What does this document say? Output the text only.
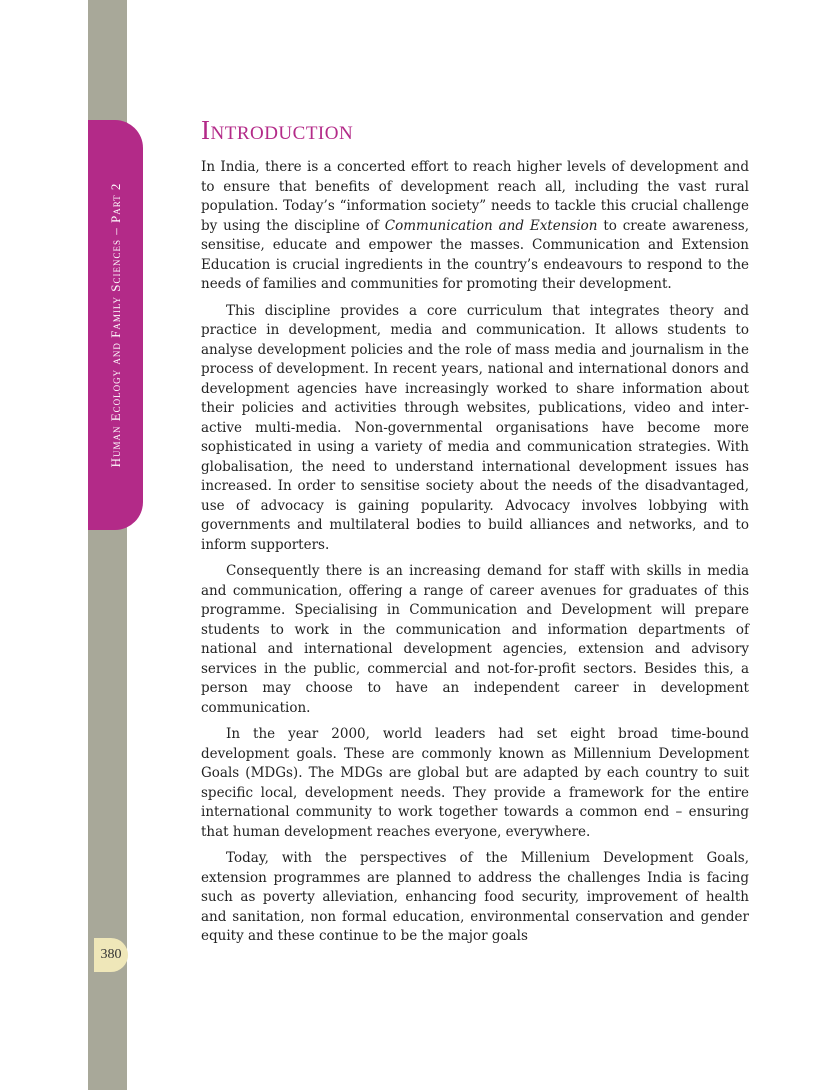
Human Ecology and Family Sciences – Part 2
380
Introduction

In India, there is a concerted effort to reach higher levels of development and to ensure that benefits of development reach all, including the vast rural population. Today’s “information society” needs to tackle this crucial challenge by using the discipline of Communication and Extension to create awareness, sensitise, educate and empower the masses. Communication and Extension Education is crucial ingredients in the country’s endeavours to respond to the needs of families and communities for promoting their development.

This discipline provides a core curriculum that integrates theory and practice in development, media and communication. It allows students to analyse development policies and the role of mass media and journalism in the process of development. In recent years, national and international donors and development agencies have increasingly worked to share information about their policies and activities through websites, publications, video and inter-active multi-media. Non-governmental organisations have become more sophisticated in using a variety of media and communication strategies. With globalisation, the need to understand international development issues has increased. In order to sensitise society about the needs of the disadvantaged, use of advocacy is gaining popularity. Advocacy involves lobbying with governments and multilateral bodies to build alliances and networks, and to inform supporters.

Consequently there is an increasing demand for staff with skills in media and communication, offering a range of career avenues for graduates of this programme. Specialising in Communication and Development will prepare students to work in the communication and information departments of national and international development agencies, extension and advisory services in the public, commercial and not-for-profit sectors. Besides this, a person may choose to have an independent career in development communication.

In the year 2000, world leaders had set eight broad time-bound development goals. These are commonly known as Millennium Development Goals (MDGs). The MDGs are global but are adapted by each country to suit specific local, development needs. They provide a framework for the entire international community to work together towards a common end – ensuring that human development reaches everyone, everywhere.

Today, with the perspectives of the Millenium Development Goals, extension programmes are planned to address the challenges India is facing such as poverty alleviation, enhancing food security, improvement of health and sanitation, non formal education, environmental conservation and gender equity and these continue to be the major goals
